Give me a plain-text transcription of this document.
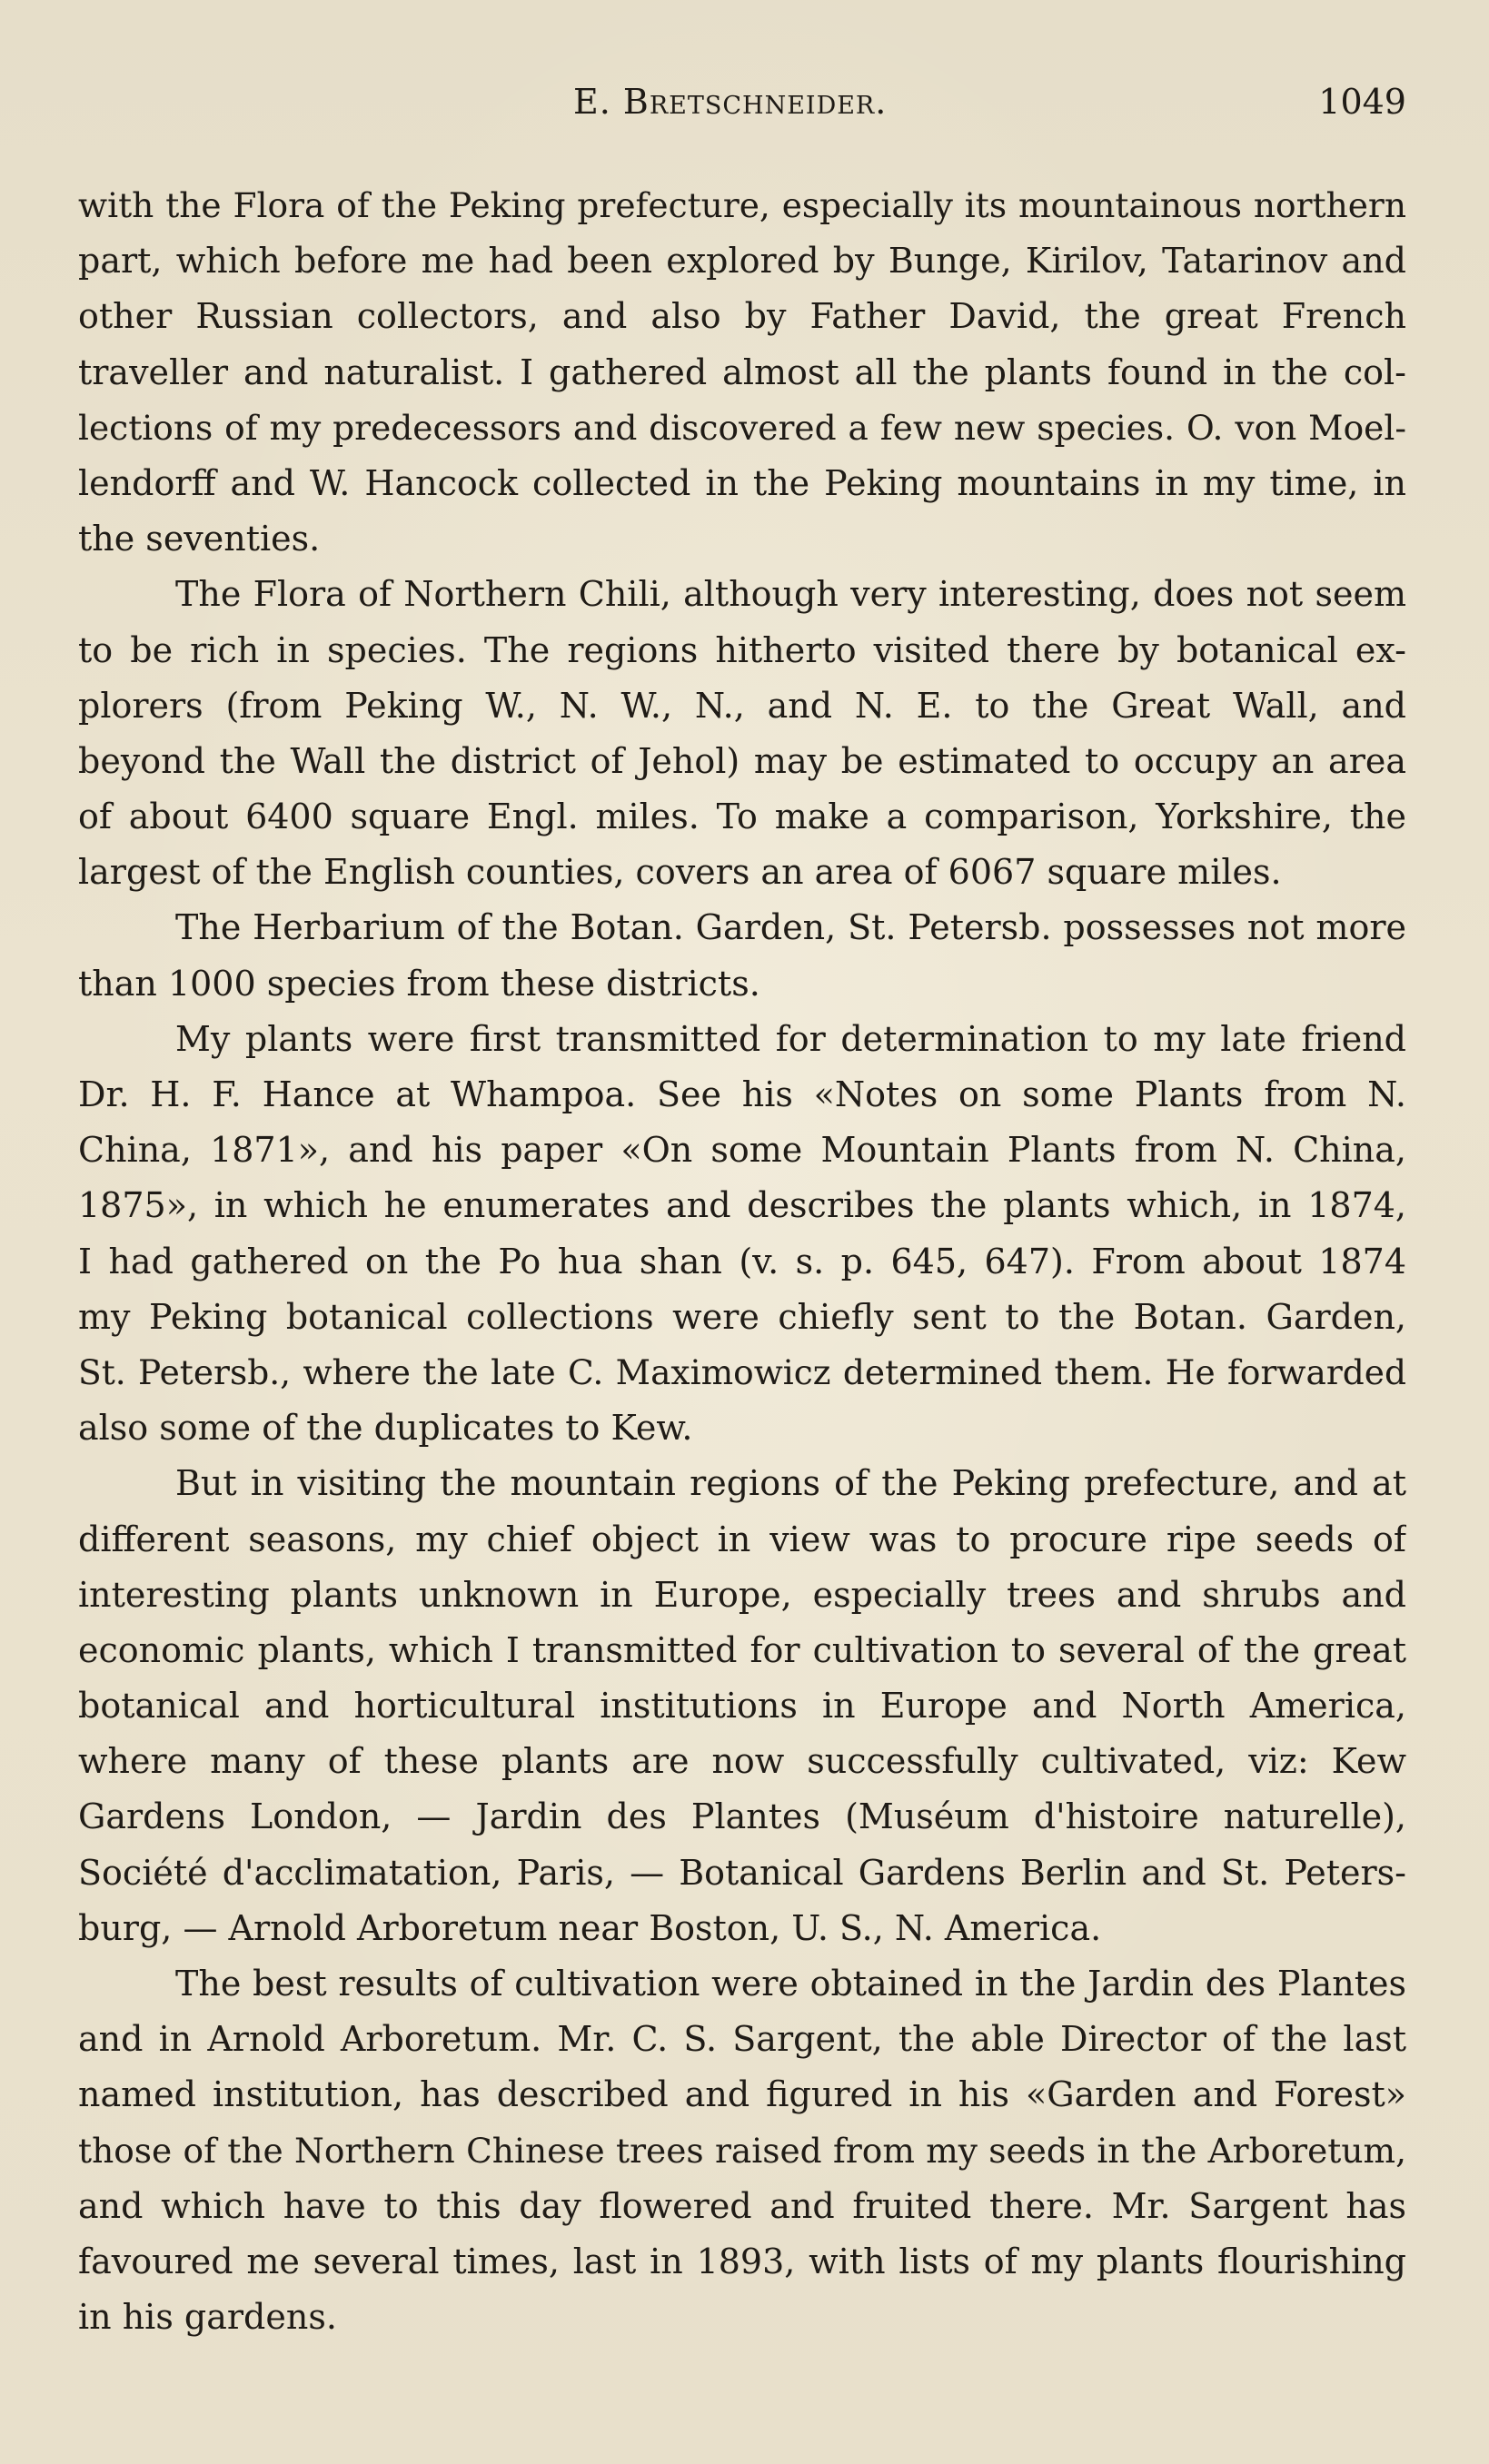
E. Bretschneider.	1049
with the Flora of the Peking prefecture, especially its mountainous northern
part, which before me had been explored by Bunge, Kirilov, Tatarinov and
other Russian collectors, and also by Father David, the great French
traveller and naturalist. I gathered almost all the plants found in the col-
lections of my predecessors and discovered a few new species. O. von Moel-
lendorff and W. Hancock collected in the Peking mountains in my time, in
the seventies.
The Flora of Northern Chili, although very interesting, does not seem
to be rich in species. The regions hitherto visited there by botanical ex-
plorers (from Peking W., N. W., N., and N. E. to the Great Wall, and
beyond the Wall the district of Jehol) may be estimated to occupy an area
of about 6400 square Engl. miles. To make a comparison, Yorkshire, the
largest of the English counties, covers an area of 6067 square miles.
The Herbarium of the Botan. Garden, St. Petersb. possesses not more
than 1000 species from these districts.
My plants were first transmitted for determination to my late friend
Dr. H. F. Hance at Whampoa. See his «Notes on some Plants from N.
China, 1871», and his paper «On some Mountain Plants from N. China,
1875», in which he enumerates and describes the plants which, in 1874,
I had gathered on the Po hua shan (v. s. p. 645, 647). From about 1874
my Peking botanical collections were chiefly sent to the Botan. Garden,
St. Petersb., where the late C. Maximowicz determined them. He forwarded
also some of the duplicates to Kew.
But in visiting the mountain regions of the Peking prefecture, and at
different seasons, my chief object in view was to procure ripe seeds of
interesting plants unknown in Europe, especially trees and shrubs and
economic plants, which I transmitted for cultivation to several of the great
botanical and horticultural institutions in Europe and North America,
where many of these plants are now successfully cultivated, viz: Kew
Gardens London, — Jardin des Plantes (Muséum d'histoire naturelle),
Société d'acclimatation, Paris, — Botanical Gardens Berlin and St. Peters-
burg, — Arnold Arboretum near Boston, U. S., N. America.
The best results of cultivation were obtained in the Jardin des Plantes
and in Arnold Arboretum. Mr. C. S. Sargent, the able Director of the last
named institution, has described and figured in his «Garden and Forest»
those of the Northern Chinese trees raised from my seeds in the Arboretum,
and which have to this day flowered and fruited there. Mr. Sargent has
favoured me several times, last in 1893, with lists of my plants flourishing
in his gardens.
